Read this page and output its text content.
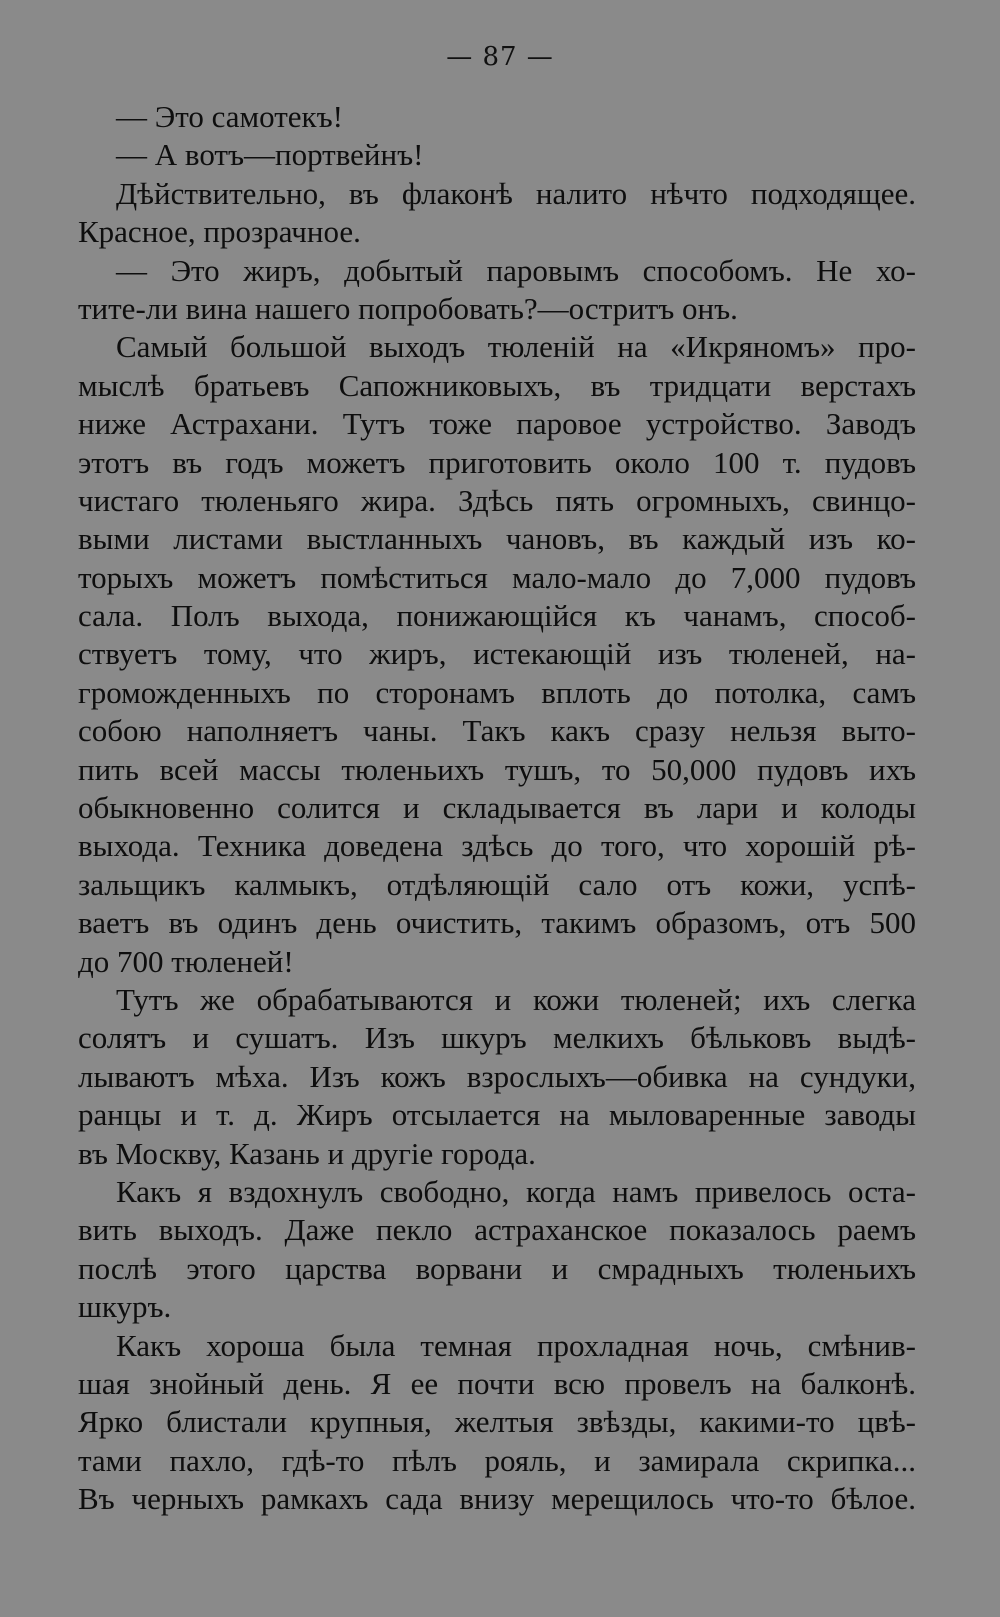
— 87 —
— Это самотекъ!
— А вотъ—портвейнъ!
Дѣйствительно, въ флаконѣ налито нѣчто подходящее.
Красное, прозрачное.
— Это жиръ, добытый паровымъ способомъ. Не хо-
тите-ли вина нашего попробовать?—остритъ онъ.
Самый большой выходъ тюленій на «Икряномъ» про-
мыслѣ братьевъ Сапожниковыхъ, въ тридцати верстахъ
ниже Астрахани. Тутъ тоже паровое устройство. Заводъ
этотъ въ годъ можетъ приготовить около 100 т. пудовъ
чистаго тюленьяго жира. Здѣсь пять огромныхъ, свинцо-
выми листами выстланныхъ чановъ, въ каждый изъ ко-
торыхъ можетъ помѣститься мало-мало до 7,000 пудовъ
сала. Полъ выхода, понижающійся къ чанамъ, способ-
ствуетъ тому, что жиръ, истекающій изъ тюленей, на-
громожденныхъ по сторонамъ вплоть до потолка, самъ
собою наполняетъ чаны. Такъ какъ сразу нельзя выто-
пить всей массы тюленьихъ тушъ, то 50,000 пудовъ ихъ
обыкновенно солится и складывается въ лари и колоды
выхода. Техника доведена здѣсь до того, что хорошій рѣ-
зальщикъ калмыкъ, отдѣляющій сало отъ кожи, успѣ-
ваетъ въ одинъ день очистить, такимъ образомъ, отъ 500
до 700 тюленей!
Тутъ же обрабатываются и кожи тюленей; ихъ слегка
солятъ и сушатъ. Изъ шкуръ мелкихъ бѣльковъ выдѣ-
лываютъ мѣха. Изъ кожъ взрослыхъ—обивка на сундуки,
ранцы и т. д. Жиръ отсылается на мыловаренные заводы
въ Москву, Казань и другіе города.
Какъ я вздохнулъ свободно, когда намъ привелось оста-
вить выходъ. Даже пекло астраханское показалось раемъ
послѣ этого царства ворвани и смрадныхъ тюленьихъ
шкуръ.
Какъ хороша была темная прохладная ночь, смѣнив-
шая знойный день. Я ее почти всю провелъ на балконѣ.
Ярко блистали крупныя, желтыя звѣзды, какими-то цвѣ-
тами пахло, гдѣ-то пѣлъ рояль, и замирала скрипка...
Въ черныхъ рамкахъ сада внизу мерещилось что-то бѣлое.
